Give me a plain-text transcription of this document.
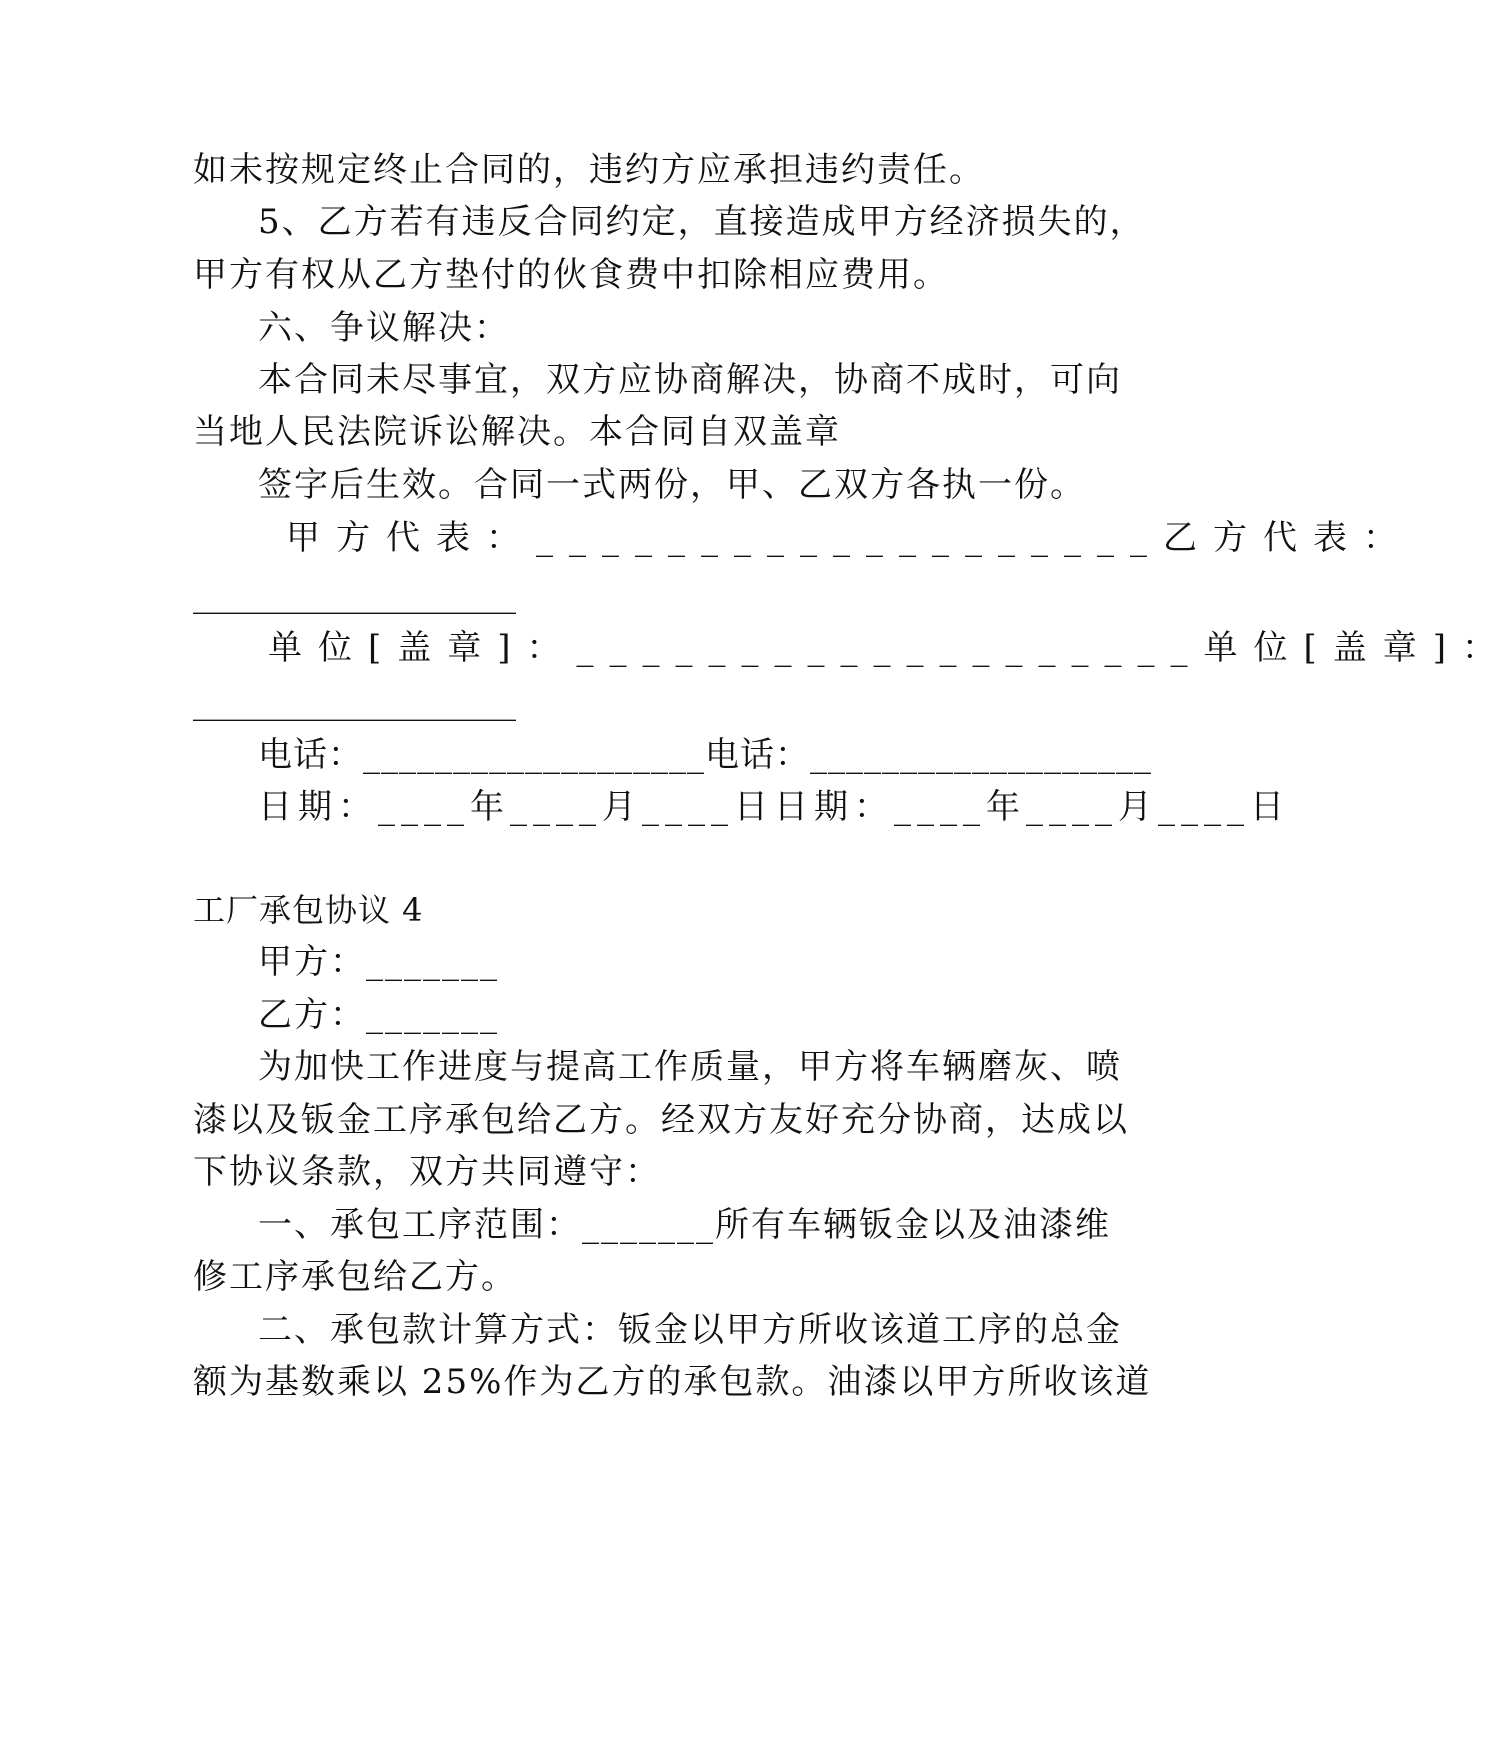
如未按规定终止合同的，违约方应承担违约责任。
5、乙方若有违反合同约定，直接造成甲方经济损失的，
甲方有权从乙方垫付的伙食费中扣除相应费用。
六、争议解决：
本合同未尽事宜，双方应协商解决，协商不成时，可向
当地人民法院诉讼解决。本合同自双盖章
签字后生效。合同一式两份，甲、乙双方各执一份。
甲方代表：___________________乙方代表：
___________________
单位[盖章]：___________________单位[盖章]：
___________________
电话：___________________电话：___________________
日期：____年____月____日日期：____年____月____日
工厂承包协议 4
甲方：_______
乙方：_______
为加快工作进度与提高工作质量，甲方将车辆磨灰、喷
漆以及钣金工序承包给乙方。经双方友好充分协商，达成以
下协议条款，双方共同遵守：
一、承包工序范围：_______所有车辆钣金以及油漆维
修工序承包给乙方。
二、承包款计算方式：钣金以甲方所收该道工序的总金
额为基数乘以 25%作为乙方的承包款。油漆以甲方所收该道
